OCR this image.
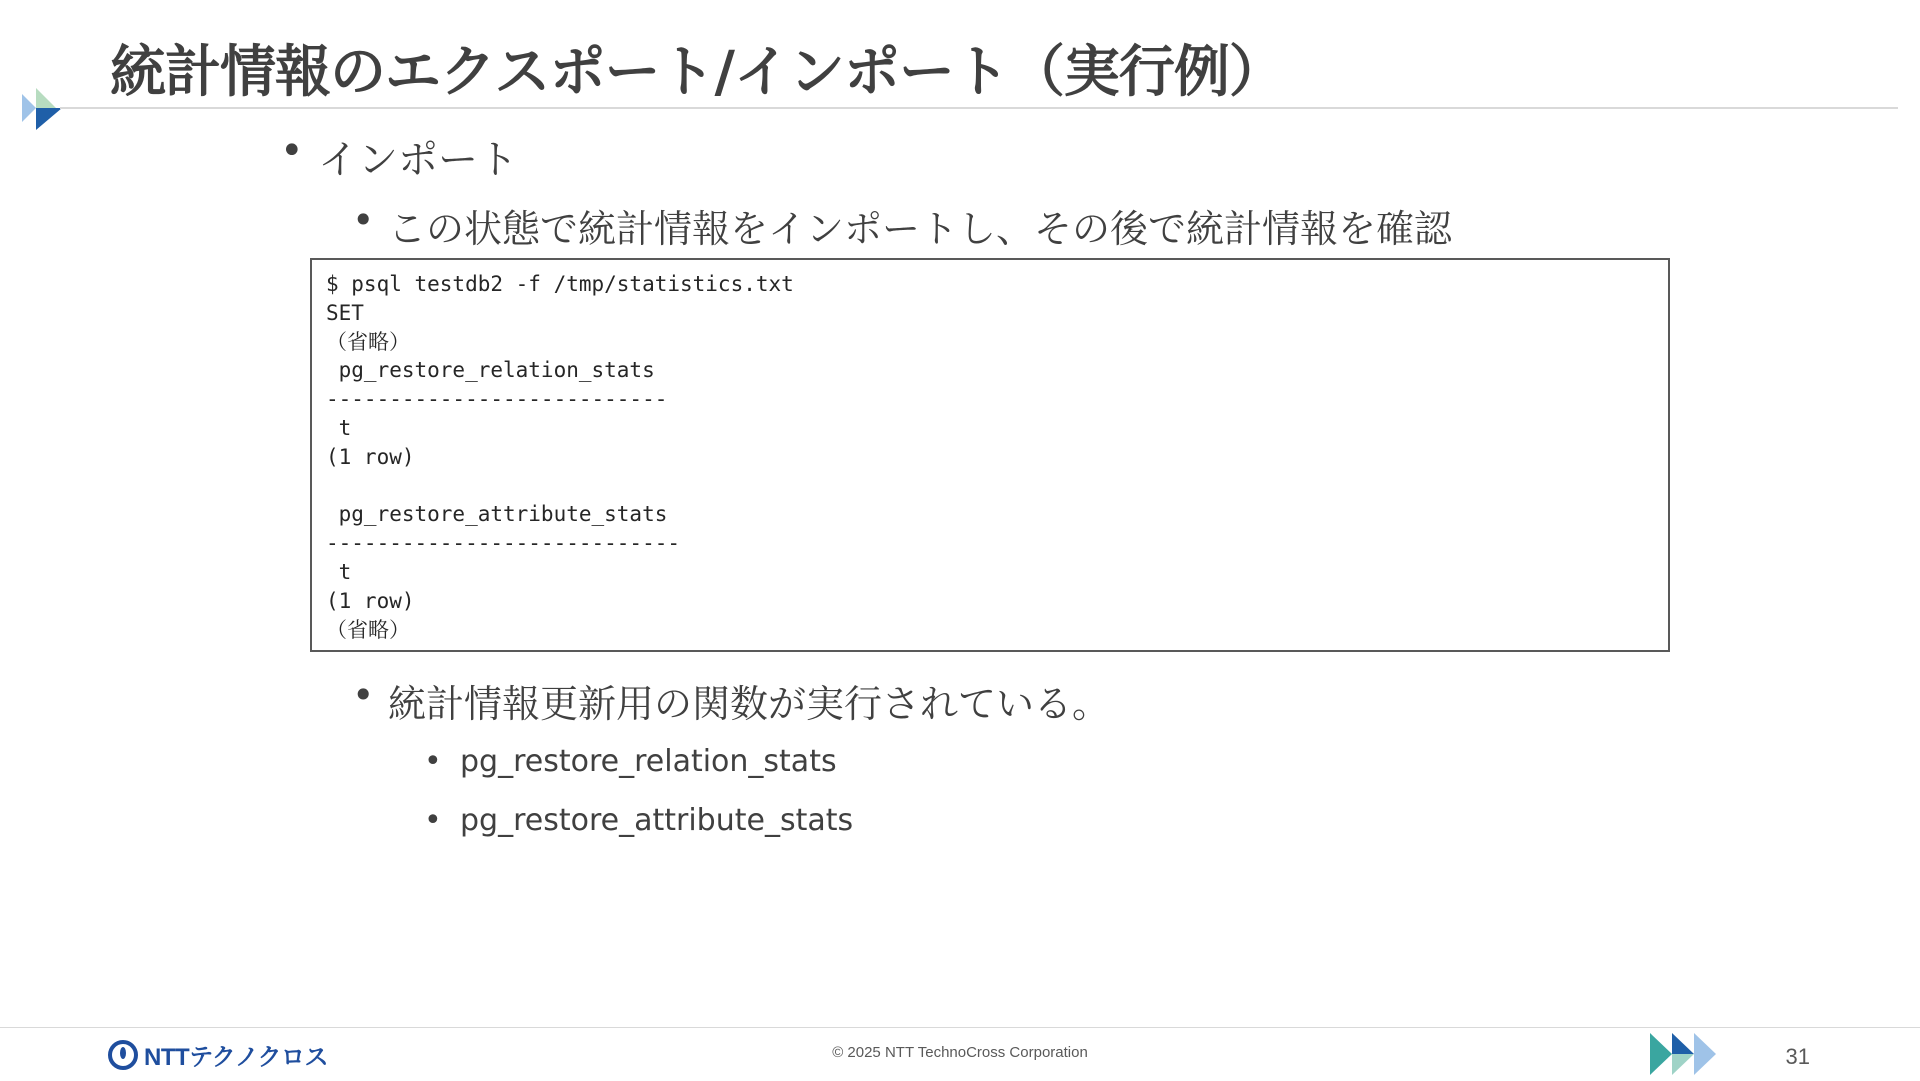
統計情報のエクスポート/インポート（実行例）
• インポート
• この状態で統計情報をインポートし、その後で統計情報を確認
$ psql testdb2 -f /tmp/statistics.txt
SET
（省略）
pg_restore_relation_stats
---------------------------
t
(1 row)
pg_restore_attribute_stats
----------------------------
t
(1 row)
（省略）
• 統計情報更新用の関数が実行されている。
• pg_restore_relation_stats
• pg_restore_attribute_stats
NTTテクノクロス	© 2025 NTT TechnoCross Corporation	31
